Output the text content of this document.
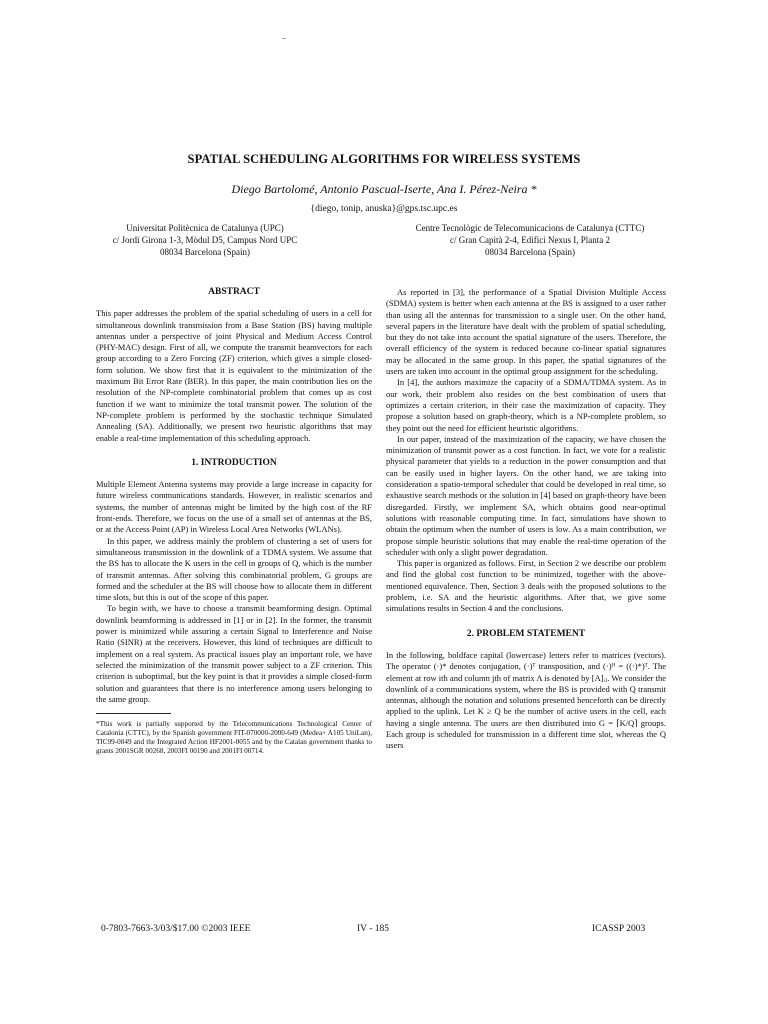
SPATIAL SCHEDULING ALGORITHMS FOR WIRELESS SYSTEMS
Diego Bartolomé, Antonio Pascual-Iserte, Ana I. Pérez-Neira *
{diego, tonip, anuska}@gps.tsc.upc.es
Universitat Politècnica de Catalunya (UPC)
c/ Jordi Girona 1-3, Mòdul D5, Campus Nord UPC
08034 Barcelona (Spain)
Centre Tecnològic de Telecomunicacions de Catalunya (CTTC)
c/ Gran Capità 2-4, Edifici Nexus I, Planta 2
08034 Barcelona (Spain)
ABSTRACT

This paper addresses the problem of the spatial scheduling of users in a cell for simultaneous downlink transmission from a Base Station (BS) having multiple antennas under a perspective of joint Physical and Medium Access Control (PHY-MAC) design. First of all, we compute the transmit beamvectors for each group according to a Zero Forcing (ZF) criterion, which gives a simple closed-form solution. We show first that it is equivalent to the minimization of the maximum Bit Error Rate (BER). In this paper, the main contribution lies on the resolution of the NP-complete combinatorial problem that comes up as cost function if we want to minimize the total transmit power. The solution of the NP-complete problem is performed by the stochastic technique Simulated Annealing (SA). Additionally, we present two heuristic algorithms that may enable a real-time implementation of this scheduling approach.

1. INTRODUCTION

Multiple Element Antenna systems may provide a large increase in capacity for future wireless communications standards. However, in realistic scenarios and systems, the number of antennas might be limited by the high cost of the RF front-ends. Therefore, we focus on the use of a small set of antennas at the BS, or at the Access Point (AP) in Wireless Local Area Networks (WLANs).

In this paper, we address mainly the problem of clustering a set of users for simultaneous transmission in the downlink of a TDMA system. We assume that the BS has to allocate the K users in the cell in groups of Q, which is the number of transmit antennas. After solving this combinatorial problem, G groups are formed and the scheduler at the BS will choose how to allocate them in different time slots, but this is out of the scope of this paper.

To begin with, we have to choose a transmit beamforming design. Optimal downlink beamforming is addressed in [1] or in [2]. In the former, the transmit power is minimized while assuring a certain Signal to Interference and Noise Ratio (SINR) at the receivers. However, this kind of techniques are difficult to implement on a real system. As practical issues play an important role, we have selected the minimization of the transmit power subject to a ZF criterion. This criterion is suboptimal, but the key point is that it provides a simple closed-form solution and guarantees that there is no interference among users belonging to the same group.

*This work is partially supported by the Telecommunications Technological Center of Catalonia (CTTC), by the Spanish government FIT-070000-2000-649 (Medea+ A105 UniLan), TIC99-0849 and the Integrated Action HF2001-0055 and by the Catalan government thanks to grants 2001SGR 00268, 2003FI 00190 and 2001FI 00714.

As reported in [3], the performance of a Spatial Division Multiple Access (SDMA) system is better when each antenna at the BS is assigned to a user rather than using all the antennas for transmission to a single user. On the other hand, several papers in the literature have dealt with the problem of spatial scheduling, but they do not take into account the spatial signature of the users. Therefore, the overall efficiency of the system is reduced because co-linear spatial signatures may be allocated in the same group. In this paper, the spatial signatures of the users are taken into account in the optimal group assignment for the scheduling.

In [4], the authors maximize the capacity of a SDMA/TDMA system. As in our work, their problem also resides on the best combination of users that optimizes a certain criterion, in their case the maximization of capacity. They propose a solution based on graph-theory, which is a NP-complete problem, so they point out the need for efficient heuristic algorithms.

In our paper, instead of the maximization of the capacity, we have chosen the minimization of transmit power as a cost function. In fact, we vote for a realistic physical parameter that yields to a reduction in the power consumption and that can be easily used in higher layers. On the other hand, we are taking into consideration a spatio-temporal scheduler that could be developed in real time, so exhaustive search methods or the solution in [4] based on graph-theory have been disregarded. Firstly, we implement SA, which obtains good near-optimal solutions with reasonable computing time. In fact, simulations have shown to obtain the optimum when the number of users is low. As a main contribution, we propose simple heuristic solutions that may enable the real-time operation of the scheduler with only a slight power degradation.

This paper is organized as follows. First, in Section 2 we describe our problem and find the global cost function to be minimized, together with the above-mentioned equivalence. Then, Section 3 deals with the proposed solutions to the problem, i.e. SA and the heuristic algorithms. After that, we give some simulations results in Section 4 and the conclusions.

2. PROBLEM STATEMENT

In the following, boldface capital (lowercase) letters refer to matrices (vectors). The operator (·)* denotes conjugation, (·)ᵀ transposition, and (·)ᴴ = ((·)*)ᵀ. The element at row ith and column jth of matrix A is denoted by [A]ᵢⱼ. We consider the downlink of a communications system, where the BS is provided with Q transmit antennas, although the notation and solutions presented henceforth can be directly applied to the uplink. Let K ≥ Q be the number of active users in the cell, each having a single antenna. The users are then distributed into G = ⌈K/Q⌉ groups. Each group is scheduled for transmission in a different time slot, whereas the Q users

0-7803-7663-3/03/$17.00 ©2003 IEEE	IV - 185	ICASSP 2003
